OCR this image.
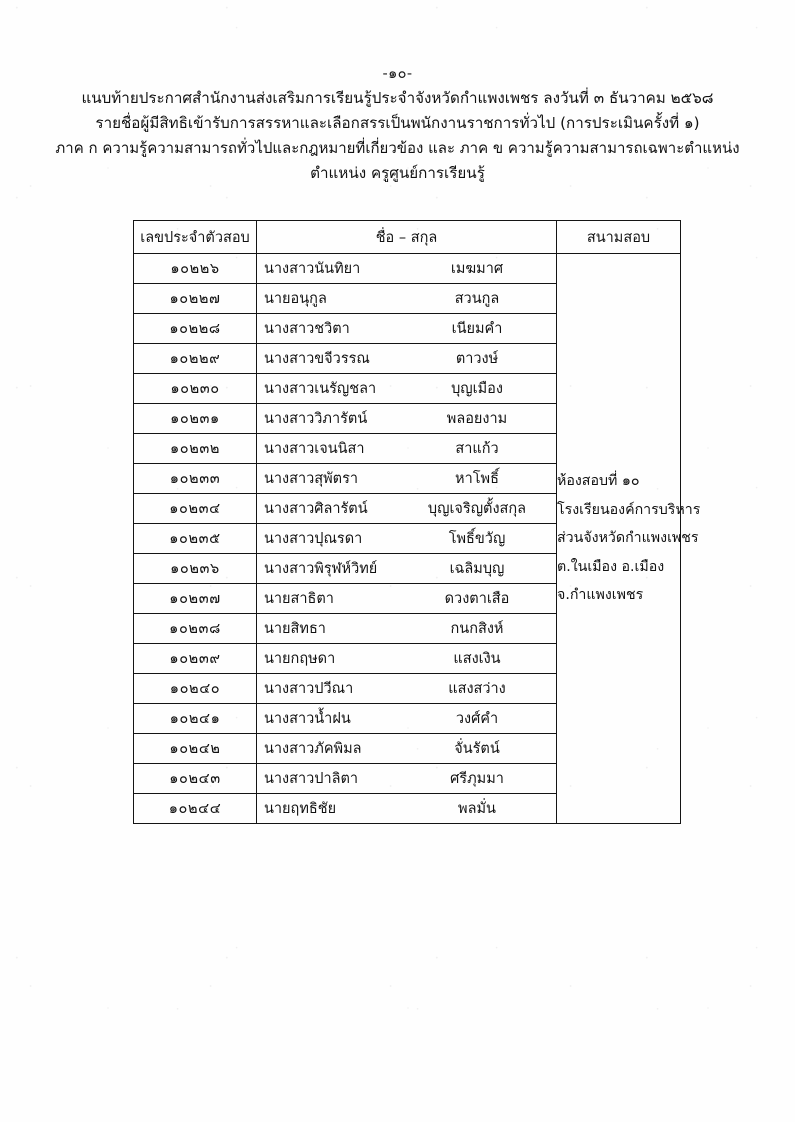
-๑๐-
แนบท้ายประกาศสำนักงานส่งเสริมการเรียนรู้ประจำจังหวัดกำแพงเพชร ลงวันที่ ๓ ธันวาคม ๒๕๖๘
รายชื่อผู้มีสิทธิเข้ารับการสรรหาและเลือกสรรเป็นพนักงานราชการทั่วไป (การประเมินครั้งที่ ๑)
ภาค ก ความรู้ความสามารถทั่วไปและกฎหมายที่เกี่ยวข้อง และ ภาค ข ความรู้ความสามารถเฉพาะตำแหน่ง
ตำแหน่ง ครูศูนย์การเรียนรู้
เลขประจำตัวสอบ	ชื่อ – สกุล	สนามสอบ
๑๐๒๒๖	นางสาวนันทิยา	เมฆมาศ

ห้องสอบที่ ๑๐
โรงเรียนองค์การบริหาร
ส่วนจังหวัดกำแพงเพชร
ต.ในเมือง อ.เมือง
จ.กำแพงเพชร

๑๐๒๒๗	นายอนุกูล สวนกูล	

๑๐๒๒๘	นางสาวชวิตา เนียมคำ	

๑๐๒๒๙	นางสาวขจีวรรณ ตาวงษ์	

๑๐๒๓๐	นางสาวเนรัญชลา บุญเมือง	

๑๐๒๓๑	นางสาววิภารัตน์ พลอยงาม	

๑๐๒๓๒	นางสาวเจนนิสา สาแก้ว	

๑๐๒๓๓	นางสาวสุพัตรา หาโพธิ์	

๑๐๒๓๔	นางสาวศิลารัตน์ บุญเจริญตั้งสกุล	

๑๐๒๓๕	นางสาวปุณรดา โพธิ์ขวัญ	

๑๐๒๓๖	นางสาวพิรุฬห์วิทย์ เฉลิมบุญ	

๑๐๒๓๗	นายสาธิตา ดวงตาเสือ	

๑๐๒๓๘	นายสิทธา กนกสิงห์	

๑๐๒๓๙	นายกฤษดา แสงเงิน	

๑๐๒๔๐	นางสาวปวีณา แสงสว่าง	

๑๐๒๔๑	นางสาวน้ำฝน วงศ์คำ	

๑๐๒๔๒	นางสาวภัคพิมล จั่นรัตน์	

๑๐๒๔๓	นางสาวปาลิตา ศรีภุมมา	

๑๐๒๔๔	นายฤทธิชัย พลมั่น	
